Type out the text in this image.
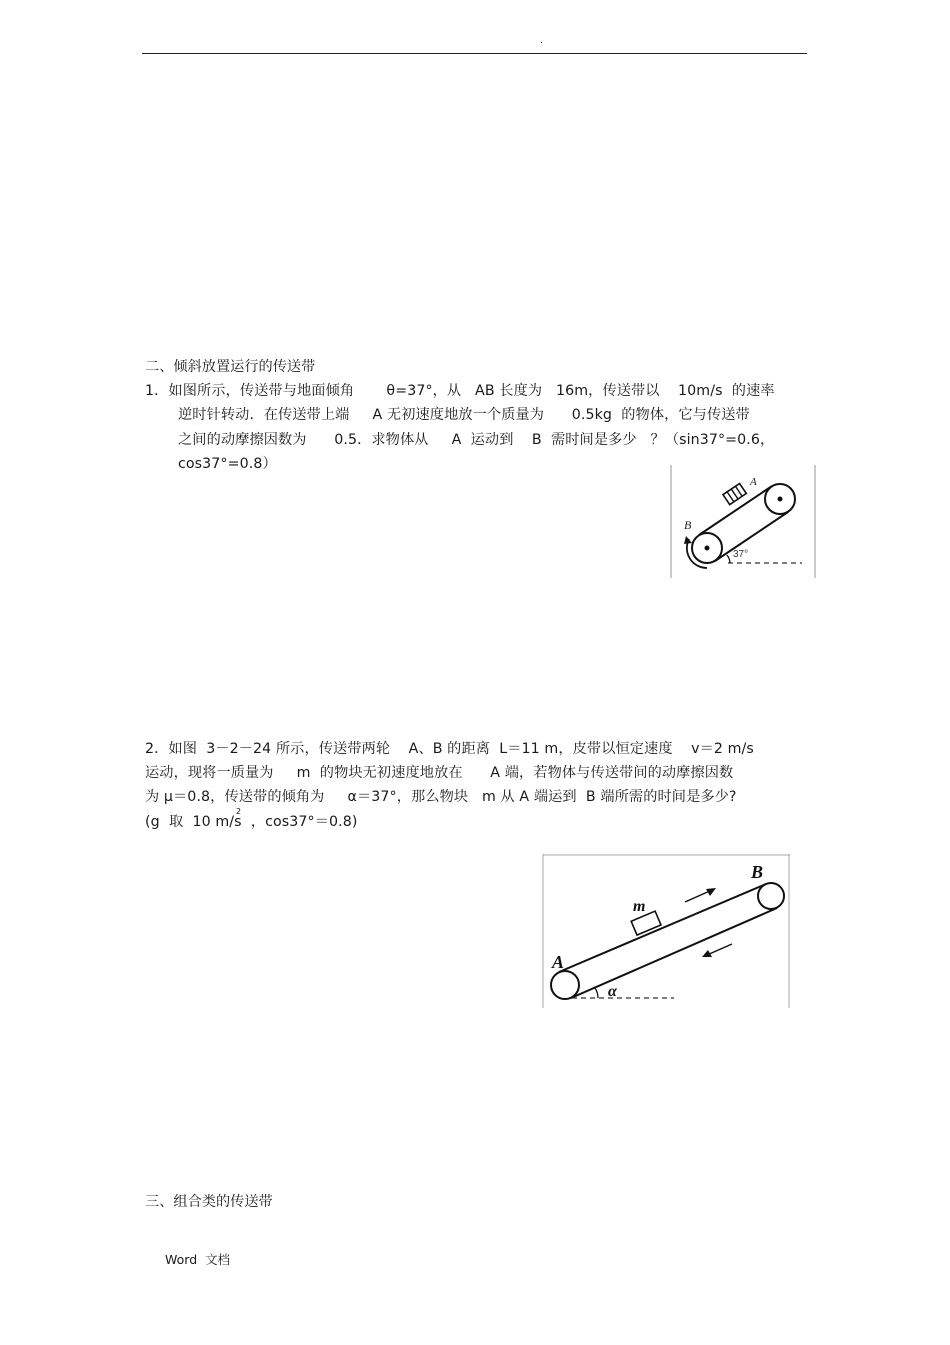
.
二、倾斜放置运行的传送带
1．如图所示，传送带与地面倾角       θ=37°，从   AB 长度为   16m，传送带以    10m/s  的速率
逆时针转动．在传送带上端     A 无初速度地放一个质量为      0.5kg  的物体，它与传送带
之间的动摩擦因数为      0.5．求物体从     A  运动到    B  需时间是多少   ？（sin37°=0.6，
cos37°=0.8）
A
B
37°
2．如图  3－2－24 所示，传送带两轮    A、B 的距离  L＝11 m，皮带以恒定速度    v＝2 m/s
运动，现将一质量为     m  的物块无初速度地放在      A 端，若物体与传送带间的动摩擦因数
为 μ＝0.8，传送带的倾角为     α＝37°，那么物块   m 从 A 端运到  B 端所需的时间是多少?
(g  取  10 m/s  ，cos37°＝0.8)
2
A
B
m
α
三、组合类的传送带
Word  文档
